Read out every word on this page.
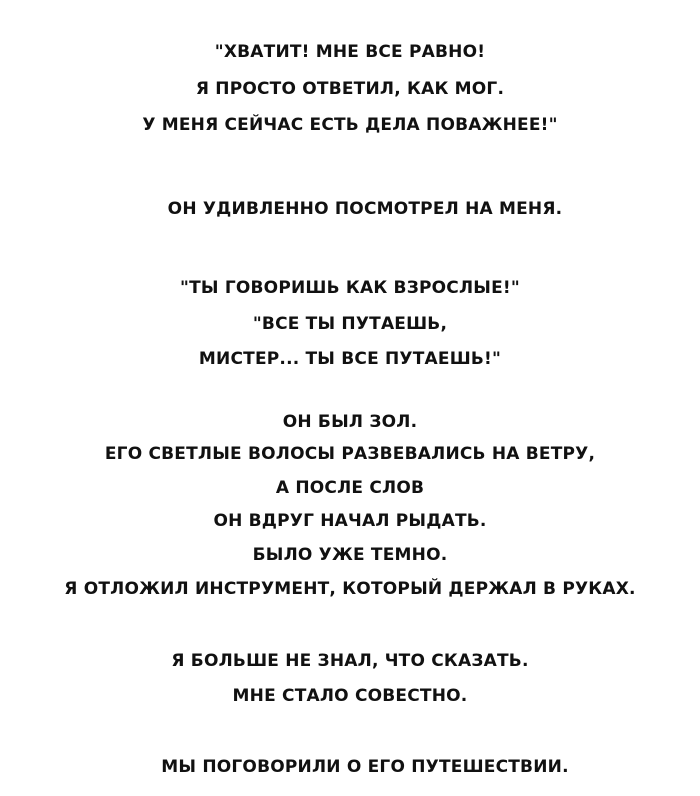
"ХВАТИТ! МНЕ ВСЕ РАВНО!
Я ПРОСТО ОТВЕТИЛ, КАК МОГ.
У МЕНЯ СЕЙЧАС ЕСТЬ ДЕЛА ПОВАЖНЕЕ!"
ОН УДИВЛЕННО ПОСМОТРЕЛ НА МЕНЯ.
"ТЫ ГОВОРИШЬ КАК ВЗРОСЛЫЕ!"
"ВСЕ ТЫ ПУТАЕШЬ,
МИСТЕР... ТЫ ВСЕ ПУТАЕШЬ!"
ОН БЫЛ ЗОЛ.
ЕГО СВЕТЛЫЕ ВОЛОСЫ РАЗВЕВАЛИСЬ НА ВЕТРУ,
А ПОСЛЕ СЛОВ
ОН ВДРУГ НАЧАЛ РЫДАТЬ.
БЫЛО УЖЕ ТЕМНО.
Я ОТЛОЖИЛ ИНСТРУМЕНТ, КОТОРЫЙ ДЕРЖАЛ В РУКАХ.
Я БОЛЬШЕ НЕ ЗНАЛ, ЧТО СКАЗАТЬ.
МНЕ СТАЛО СОВЕСТНО.
МЫ ПОГОВОРИЛИ О ЕГО ПУТЕШЕСТВИИ.
